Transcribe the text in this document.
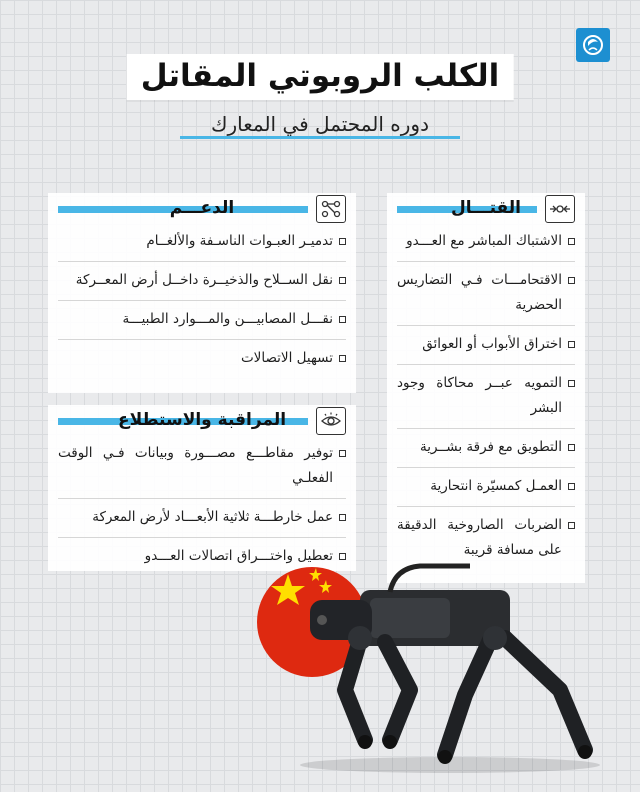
الكلب الروبوتي المقاتل
دوره المحتمل في المعارك
القتـــال
الاشتباك المباشر مع العـــدو
الاقتحامـــات فـي التضاريس الحضرية
اختراق الأبواب أو العوائق
التمويه عبــر محاكاة وجود البشر
التطويق مع فرقة بشــرية
العمـل كمسيّرة انتحارية
الضربات الصاروخية الدقيقة على مسافة قريبة
الدعـــم
تدميـر العبـوات الناسـفة والألغــام
نقل الســلاح والذخيــرة داخــل أرض المعــركة
نقـــل المصابيـــن والمـــوارد الطبيـــة
تسهيل الاتصالات
المراقبة والاستطلاع
توفير مقاطـــع مصـــورة وبيانات فـي الوقت الفعلـي
عمل خارطـــة ثلاثية الأبعـــاد لأرض المعركة
تعطيل واختـــراق اتصالات العـــدو
